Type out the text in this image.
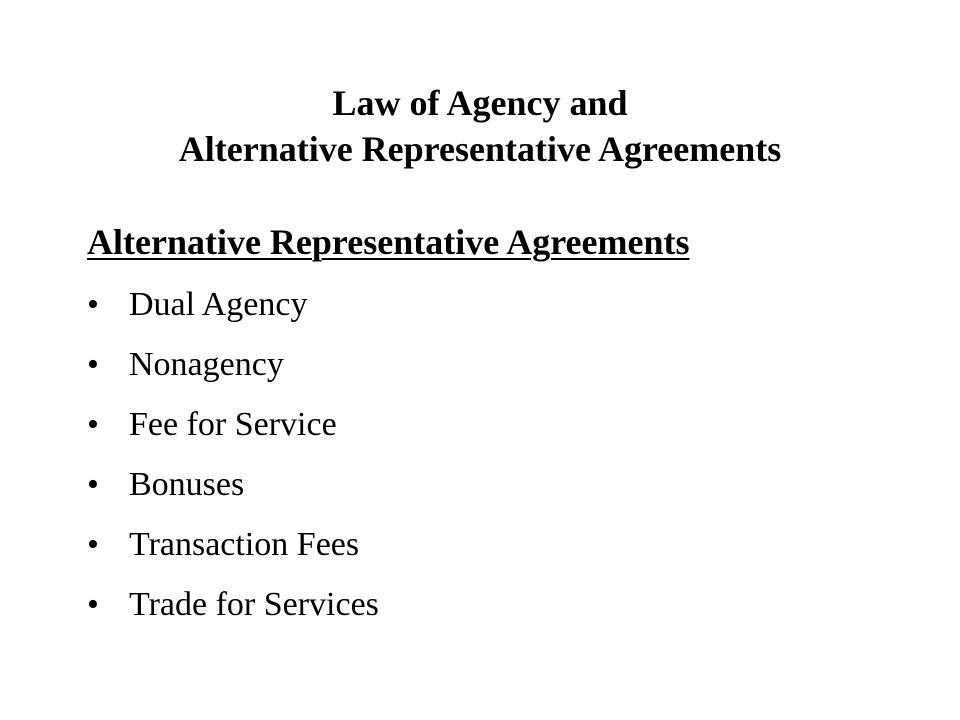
Law of Agency and
Alternative Representative Agreements
Alternative Representative Agreements
• Dual Agency
• Nonagency
• Fee for Service
• Bonuses
• Transaction Fees
• Trade for Services
